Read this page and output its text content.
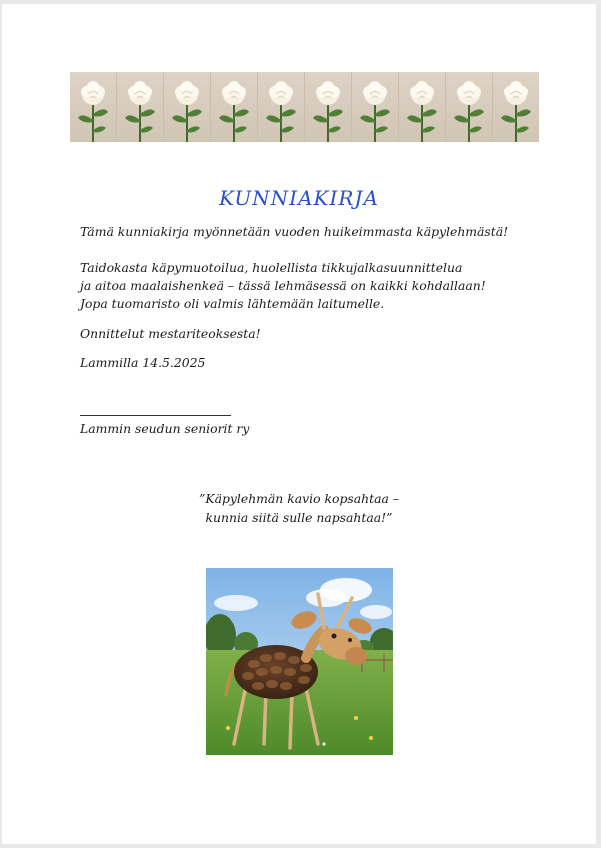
KUNNIAKIRJA
Tämä kunniakirja myönnetään vuoden huikeimmasta käpylehmästä!
Taidokasta käpymuotoilua, huolellista tikkujalkasuunnittelua
ja aitoa maalaishenkeä – tässä lehmäsessä on kaikki kohdallaan!
Jopa tuomaristo oli valmis lähtemään laitumelle.
Onnittelut mestariteoksesta!
Lammilla 14.5.2025
Lammin seudun seniorit ry
”Käpylehmän kavio kopsahtaa –
kunnia siitä sulle napsahtaa!”
